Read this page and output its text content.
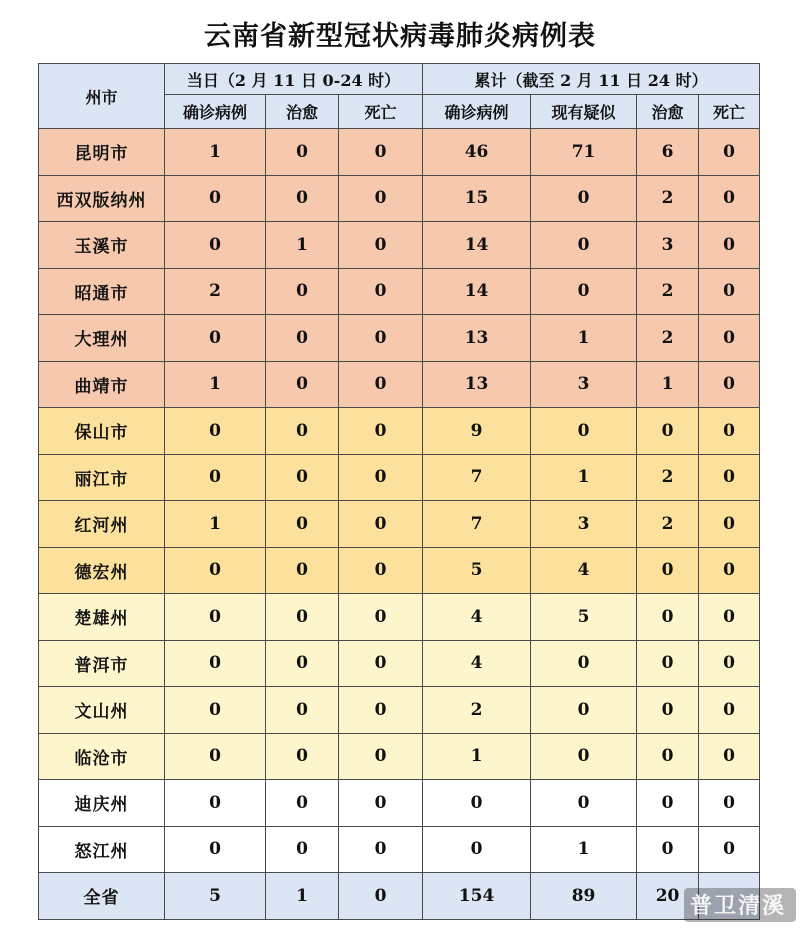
云南省新型冠状病毒肺炎病例表
州市	当日（2 月 11 日 0-24 时）			累计（截至 2 月 11 日 24 时）			
	确诊病例	治愈	死亡	确诊病例	现有疑似	治愈	死亡
昆明市	1	0	0	46	71	6	0
西双版纳州	0	0	0	15	0	2	0
玉溪市	0	1	0	14	0	3	0
昭通市	2	0	0	14	0	2	0
大理州	0	0	0	13	1	2	0
曲靖市	1	0	0	13	3	1	0
保山市	0	0	0	9	0	0	0
丽江市	0	0	0	7	1	2	0
红河州	1	0	0	7	3	2	0
德宏州	0	0	0	5	4	0	0
楚雄州	0	0	0	4	5	0	0
普洱市	0	0	0	4	0	0	0
文山州	0	0	0	2	0	0	0
临沧市	0	0	0	1	0	0	0
迪庆州	0	0	0	0	0	0	0
怒江州	0	0	0	0	1	0	0
全省	5	1	0	154	89	20	普卫清溪
